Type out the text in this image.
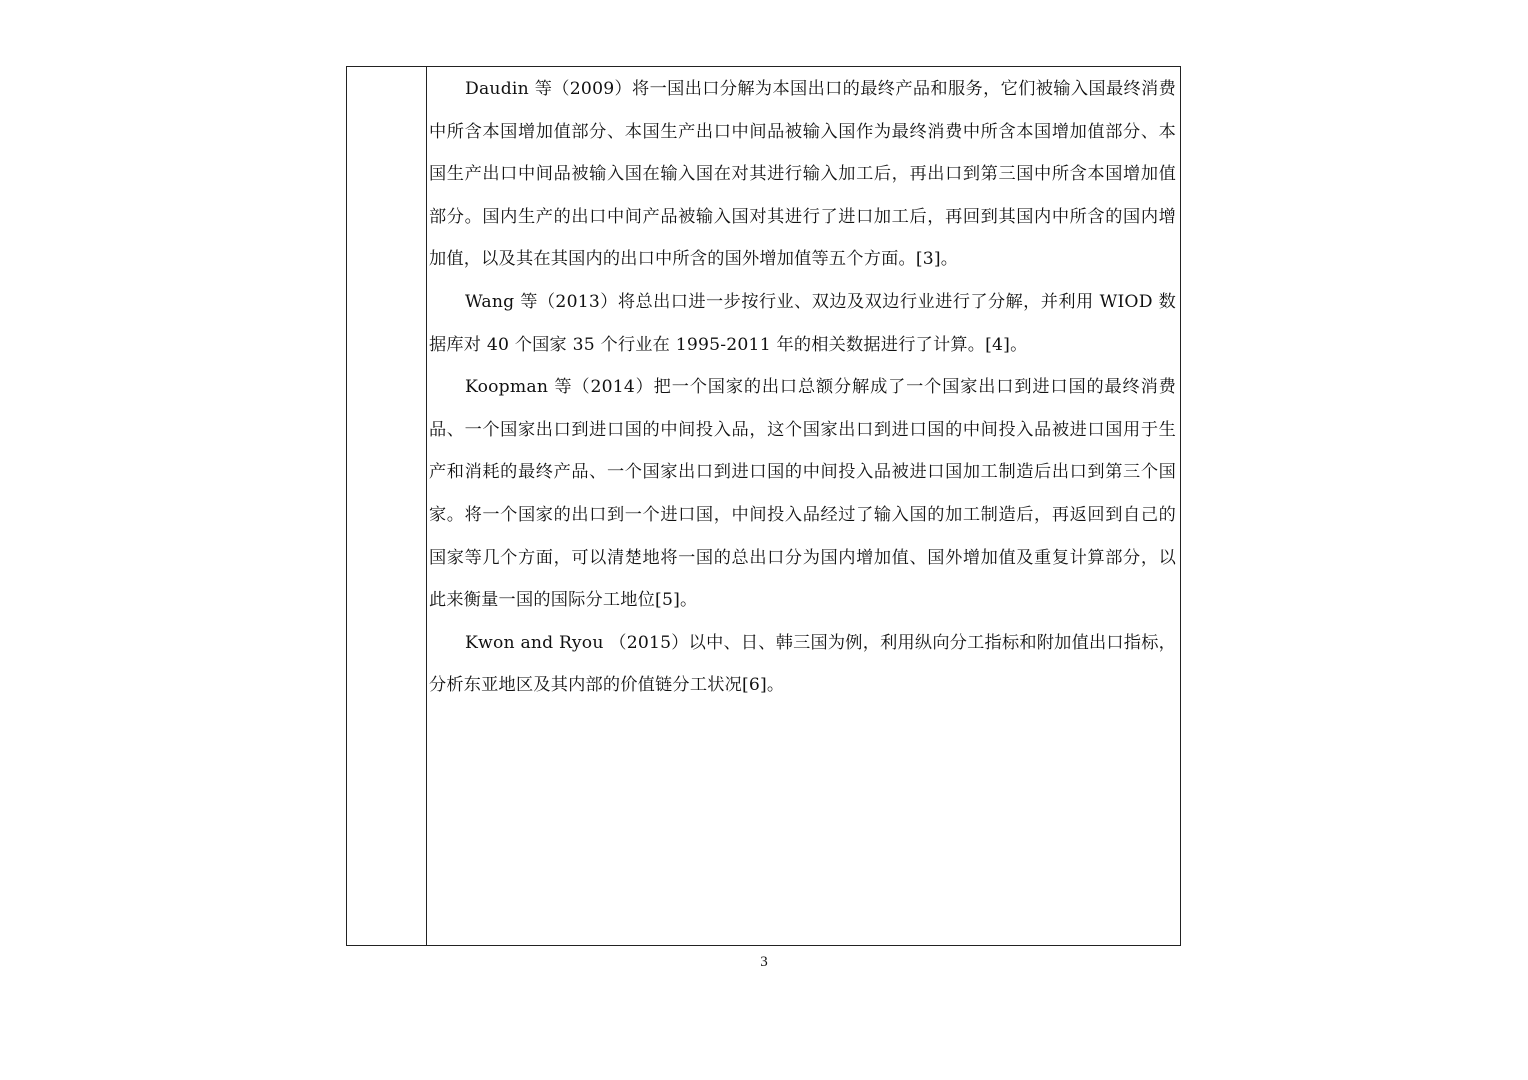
Daudin 等（2009）将一国出口分解为本国出口的最终产品和服务，它们被输入国最终消费中所含本国增加值部分、本国生产出口中间品被输入国作为最终消费中所含本国增加值部分、本国生产出口中间品被输入国在输入国在对其进行输入加工后，再出口到第三国中所含本国增加值部分。国内生产的出口中间产品被输入国对其进行了进口加工后，再回到其国内中所含的国内增加值，以及其在其国内的出口中所含的国外增加值等五个方面。[3]。

Wang 等（2013）将总出口进一步按行业、双边及双边行业进行了分解，并利用 WIOD 数据库对 40 个国家 35 个行业在 1995-2011 年的相关数据进行了计算。[4]。

Koopman 等（2014）把一个国家的出口总额分解成了一个国家出口到进口国的最终消费品、一个国家出口到进口国的中间投入品，这个国家出口到进口国的中间投入品被进口国用于生产和消耗的最终产品、一个国家出口到进口国的中间投入品被进口国加工制造后出口到第三个国家。将一个国家的出口到一个进口国，中间投入品经过了输入国的加工制造后，再返回到自己的国家等几个方面，可以清楚地将一国的总出口分为国内增加值、国外增加值及重复计算部分，以此来衡量一国的国际分工地位[5]。

Kwon and Ryou （2015）以中、日、韩三国为例，利用纵向分工指标和附加值出口指标，分析东亚地区及其内部的价值链分工状况[6]。

3
